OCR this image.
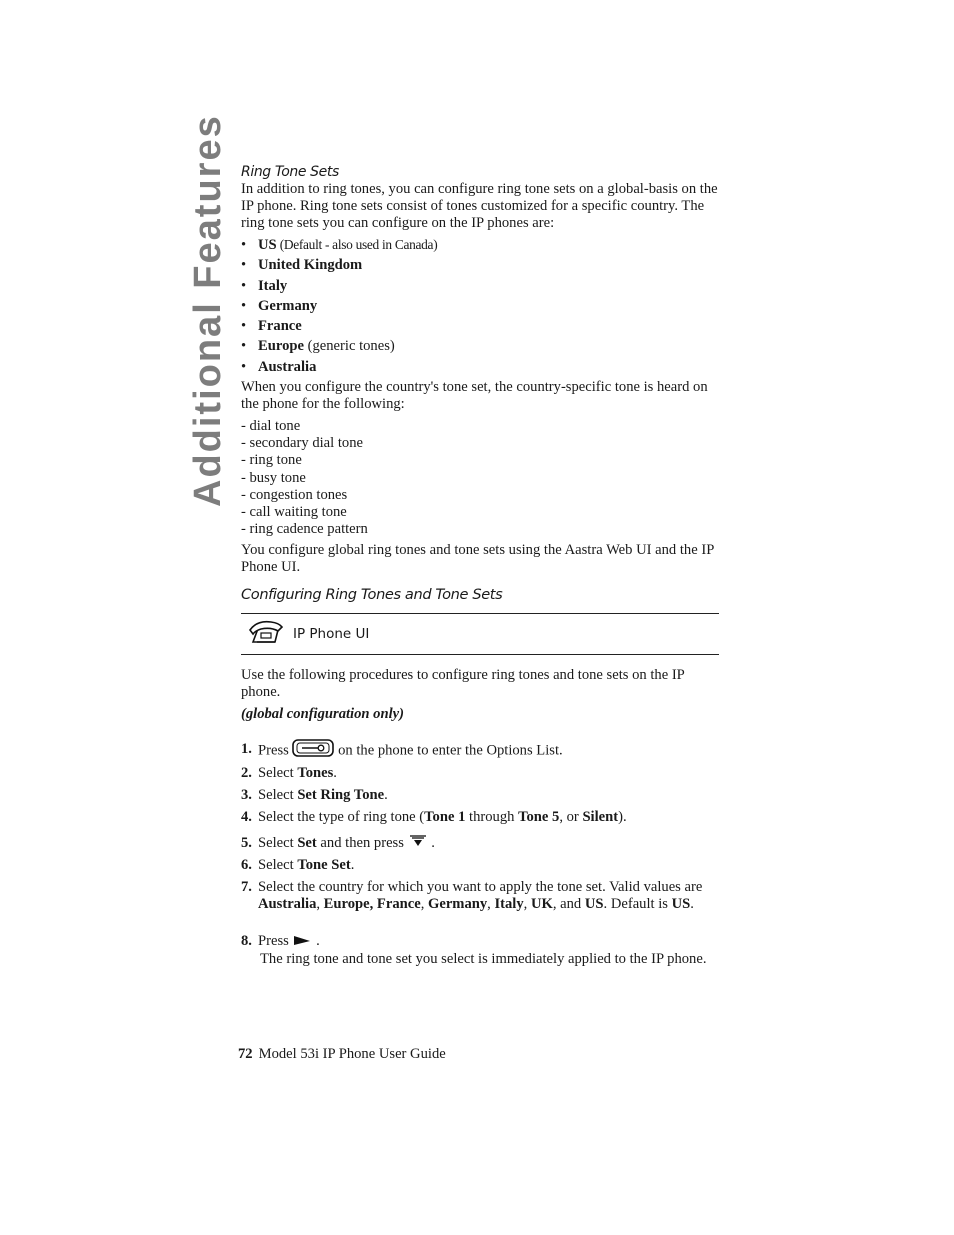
Additional Features Ring Tone Sets

In addition to ring tones, you can configure ring tone sets on a global-basis on the IP phone. Ring tone sets consist of tones customized for a specific country. The ring tone sets you can configure on the IP phones are:

• US (Default - also used in Canada)
• United Kingdom
• Italy
• Germany
• France
• Europe (generic tones)
• Australia

When you configure the country's tone set, the country-specific tone is heard on the phone for the following:

- dial tone
- secondary dial tone
- ring tone
- busy tone
- congestion tones
- call waiting tone
- ring cadence pattern

You configure global ring tones and tone sets using the Aastra Web UI and the IP Phone UI.

Configuring Ring Tones and Tone Sets
IP Phone UI

Use the following procedures to configure ring tones and tone sets on the IP phone.

(global configuration only)

1. Press	on the phone to enter the Options List.
2. Select Tones.
3. Select Set Ring Tone.
4. Select the type of ring tone (Tone 1 through Tone 5, or Silent).
5. Select Set and then press  .
6. Select Tone Set.
7. Select the country for which you want to apply the tone set. Valid values are Australia, Europe, France, Germany, Italy, UK, and US. Default is US.
8. Press  .
The ring tone and tone set you select is immediately applied to the IP phone.
72 Model 53i IP Phone User Guide
